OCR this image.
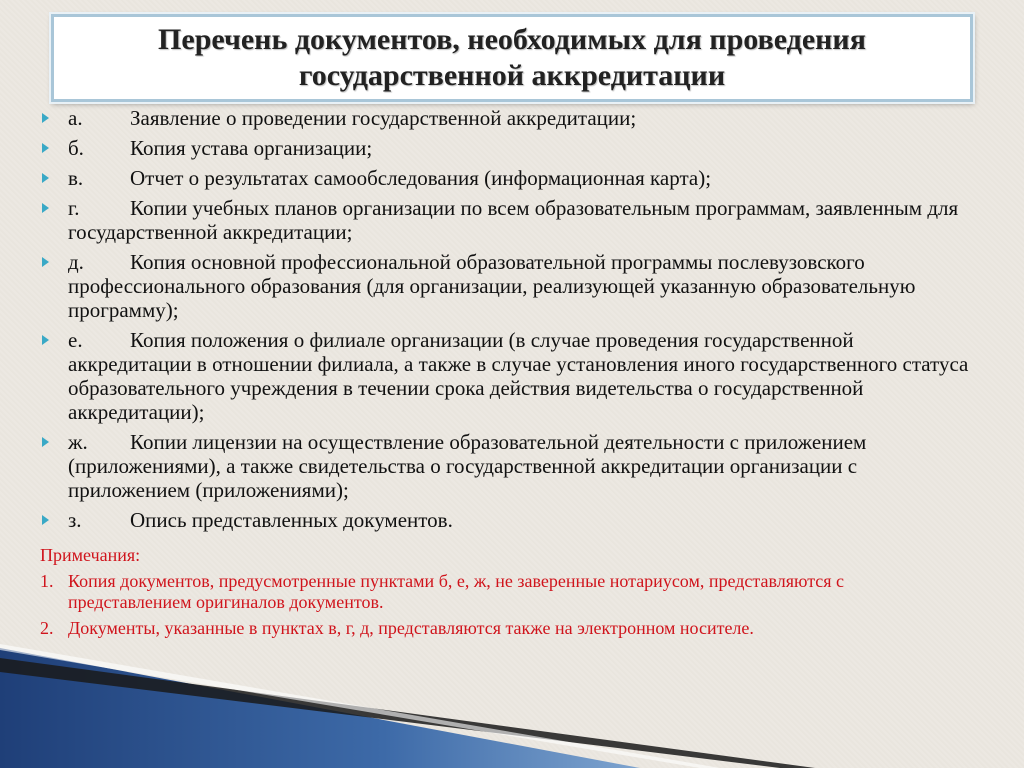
Перечень документов, необходимых для проведения
государственной аккредитации
а.	Заявление о проведении государственной аккредитации;
б.	Копия устава организации;
в.	Отчет о результатах самообследования (информационная карта);
г.	Копии учебных планов организации по всем образовательным программам, заявленным для государственной аккредитации;
д.	Копия основной профессиональной образовательной программы послевузовского профессионального образования (для организации, реализующей указанную образовательную программу);
е.	Копия положения о филиале организации (в случае проведения государственной аккредитации в отношении филиала, а также в случае установления иного государственного статуса образовательного учреждения в течении срока действия видетельства о государственной аккредитации);
ж.	Копии лицензии на осуществление образовательной деятельности с приложением (приложениями), а также свидетельства о государственной аккредитации организации с приложением (приложениями);
з.	Опись представленных документов.
Примечания:
1. Копия документов, предусмотренные пунктами б, е, ж, не заверенные нотариусом, представляются с представлением оригиналов документов.
2. Документы, указанные в пунктах в, г, д, представляются также на электронном носителе.
